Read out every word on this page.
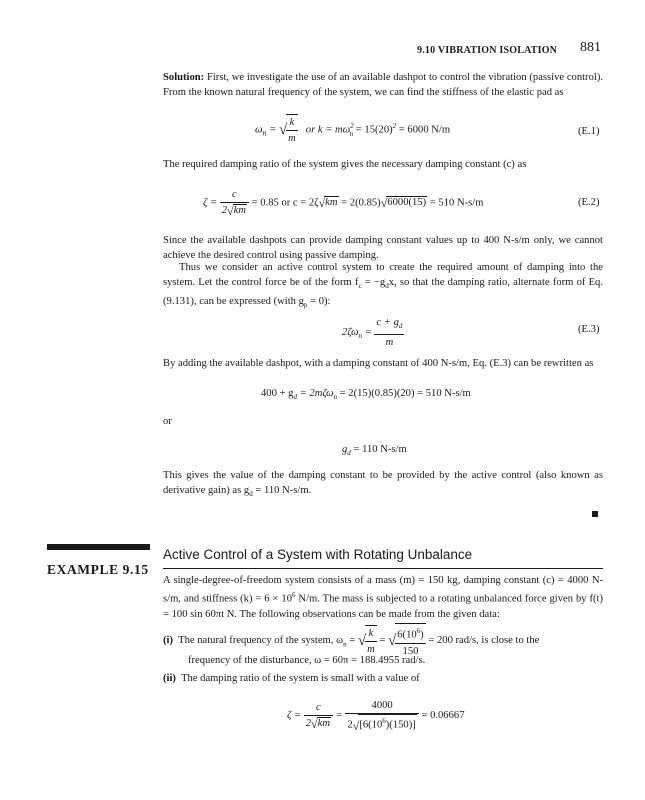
9.10 VIBRATION ISOLATION 881
Solution: First, we investigate the use of an available dashpot to control the vibration (passive control). From the known natural frequency of the system, we can find the stiffness of the elastic pad as
$\omega_n$ = √ $\frac{k}{m}$ or $k = m\omega^2_n = 15(20)^2 = 6000$ N/m	(E.1)
The required damping ratio of the system gives the necessary damping constant (c) as
$\zeta = \frac{c}{2√km} = 0.85$ or c = 2ζ√km = 2(0.85)√6000(15) = 510 N-s/m	(E.2)
Since the available dashpots can provide damping constant values up to 400 N-s/m only, we cannot achieve the desired control using passive damping.
Thus we consider an active control system to create the required amount of damping into the system. Let the control force be of the form $f_c = -g_dx$, so that the damping ratio, alternate form of Eq. (9.131), can be expressed (with $g_p = 0$):
$2\zeta\omega_n = \frac{c + g_d}{m}$	(E.3)
By adding the available dashpot, with a damping constant of 400 N-s/m, Eq. (E.3) can be rewritten as
$400 + g_d = 2m\zeta\omega_n = 2(15)(0.85)(20) = 510$ N-s/m
or
$g_d = 110$ N-s/m
This gives the value of the damping constant to be provided by the active control (also known as derivative gain) as $g_d = 110$ N-s/m.
EXAMPLE 9.15
Active Control of a System with Rotating Unbalance
A single-degree-of-freedom system consists of a mass (m) = 150 kg, damping constant (c) = 4000 N-s/m, and stiffness $(k) = 6 \times 10^6$ N/m. The mass is subjected to a rotating unbalanced force given by f(t) = 100 sin 60πt N. The following observations can be made from the given data:
(i) The natural frequency of the system, $\omega_n$ = √ $\frac{k}{m}$ = √ $\frac{6(10^6)}{150} = 200$ rad/s, is close to the
frequency of the disturbance, ω = 60π = 188.4955 rad/s.
(ii) The damping ratio of the system is small with a value of
$\zeta = \frac{c}{2√km} = \frac{4000}{2√[6(10^6)(150)]} = 0.06667$
